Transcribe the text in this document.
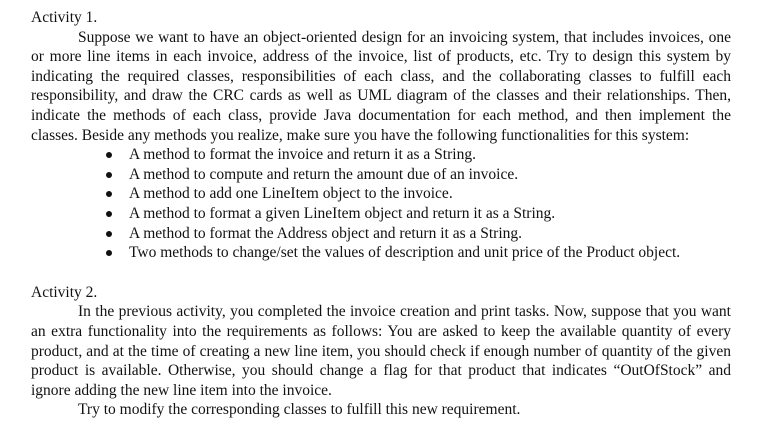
Activity 1.

Suppose we want to have an object-oriented design for an invoicing system, that includes invoices, one or more line items in each invoice, address of the invoice, list of products, etc. Try to design this system by indicating the required classes, responsibilities of each class, and the collaborating classes to fulfill each responsibility, and draw the CRC cards as well as UML diagram of the classes and their relationships. Then, indicate the methods of each class, provide Java documentation for each method, and then implement the classes. Beside any methods you realize, make sure you have the following functionalities for this system:

A method to format the invoice and return it as a String.
A method to compute and return the amount due of an invoice.
A method to add one LineItem object to the invoice.
A method to format a given LineItem object and return it as a String.
A method to format the Address object and return it as a String.
Two methods to change/set the values of description and unit price of the Product object.
Activity 2.

In the previous activity, you completed the invoice creation and print tasks. Now, suppose that you want an extra functionality into the requirements as follows: You are asked to keep the available quantity of every product, and at the time of creating a new line item, you should check if enough number of quantity of the given product is available. Otherwise, you should change a flag for that product that indicates “OutOfStock” and ignore adding the new line item into the invoice.

Try to modify the corresponding classes to fulfill this new requirement.
